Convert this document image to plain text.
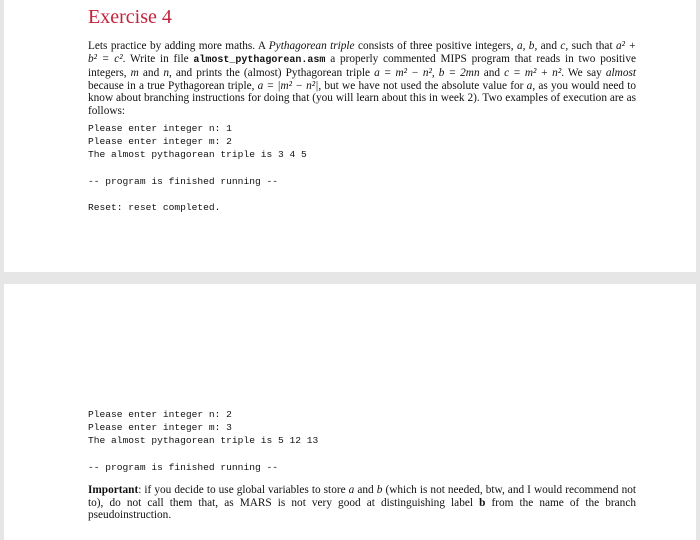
Exercise 4

Lets practice by adding more maths. A Pythagorean triple consists of three positive integers, a, b, and c, such that a² + b² = c². Write in file almost_pythagorean.asm a properly commented MIPS program that reads in two positive integers, m and n, and prints the (almost) Pythagorean triple a = m² − n², b = 2mn and c = m² + n². We say almost because in a true Pythagorean triple, a = |m² − n²|, but we have not used the absolute value for a, as you would need to know about branching instructions for doing that (you will learn about this in week 2). Two examples of execution are as follows:

Please enter integer n: 1
Please enter integer m: 2
The almost pythagorean triple is 3 4 5

-- program is finished running --

Reset: reset completed.
Please enter integer n: 2
Please enter integer m: 3
The almost pythagorean triple is 5 12 13

-- program is finished running --

Important: if you decide to use global variables to store a and b (which is not needed, btw, and I would recommend not to), do not call them that, as MARS is not very good at distinguishing label b from the name of the branch pseudoinstruction.
